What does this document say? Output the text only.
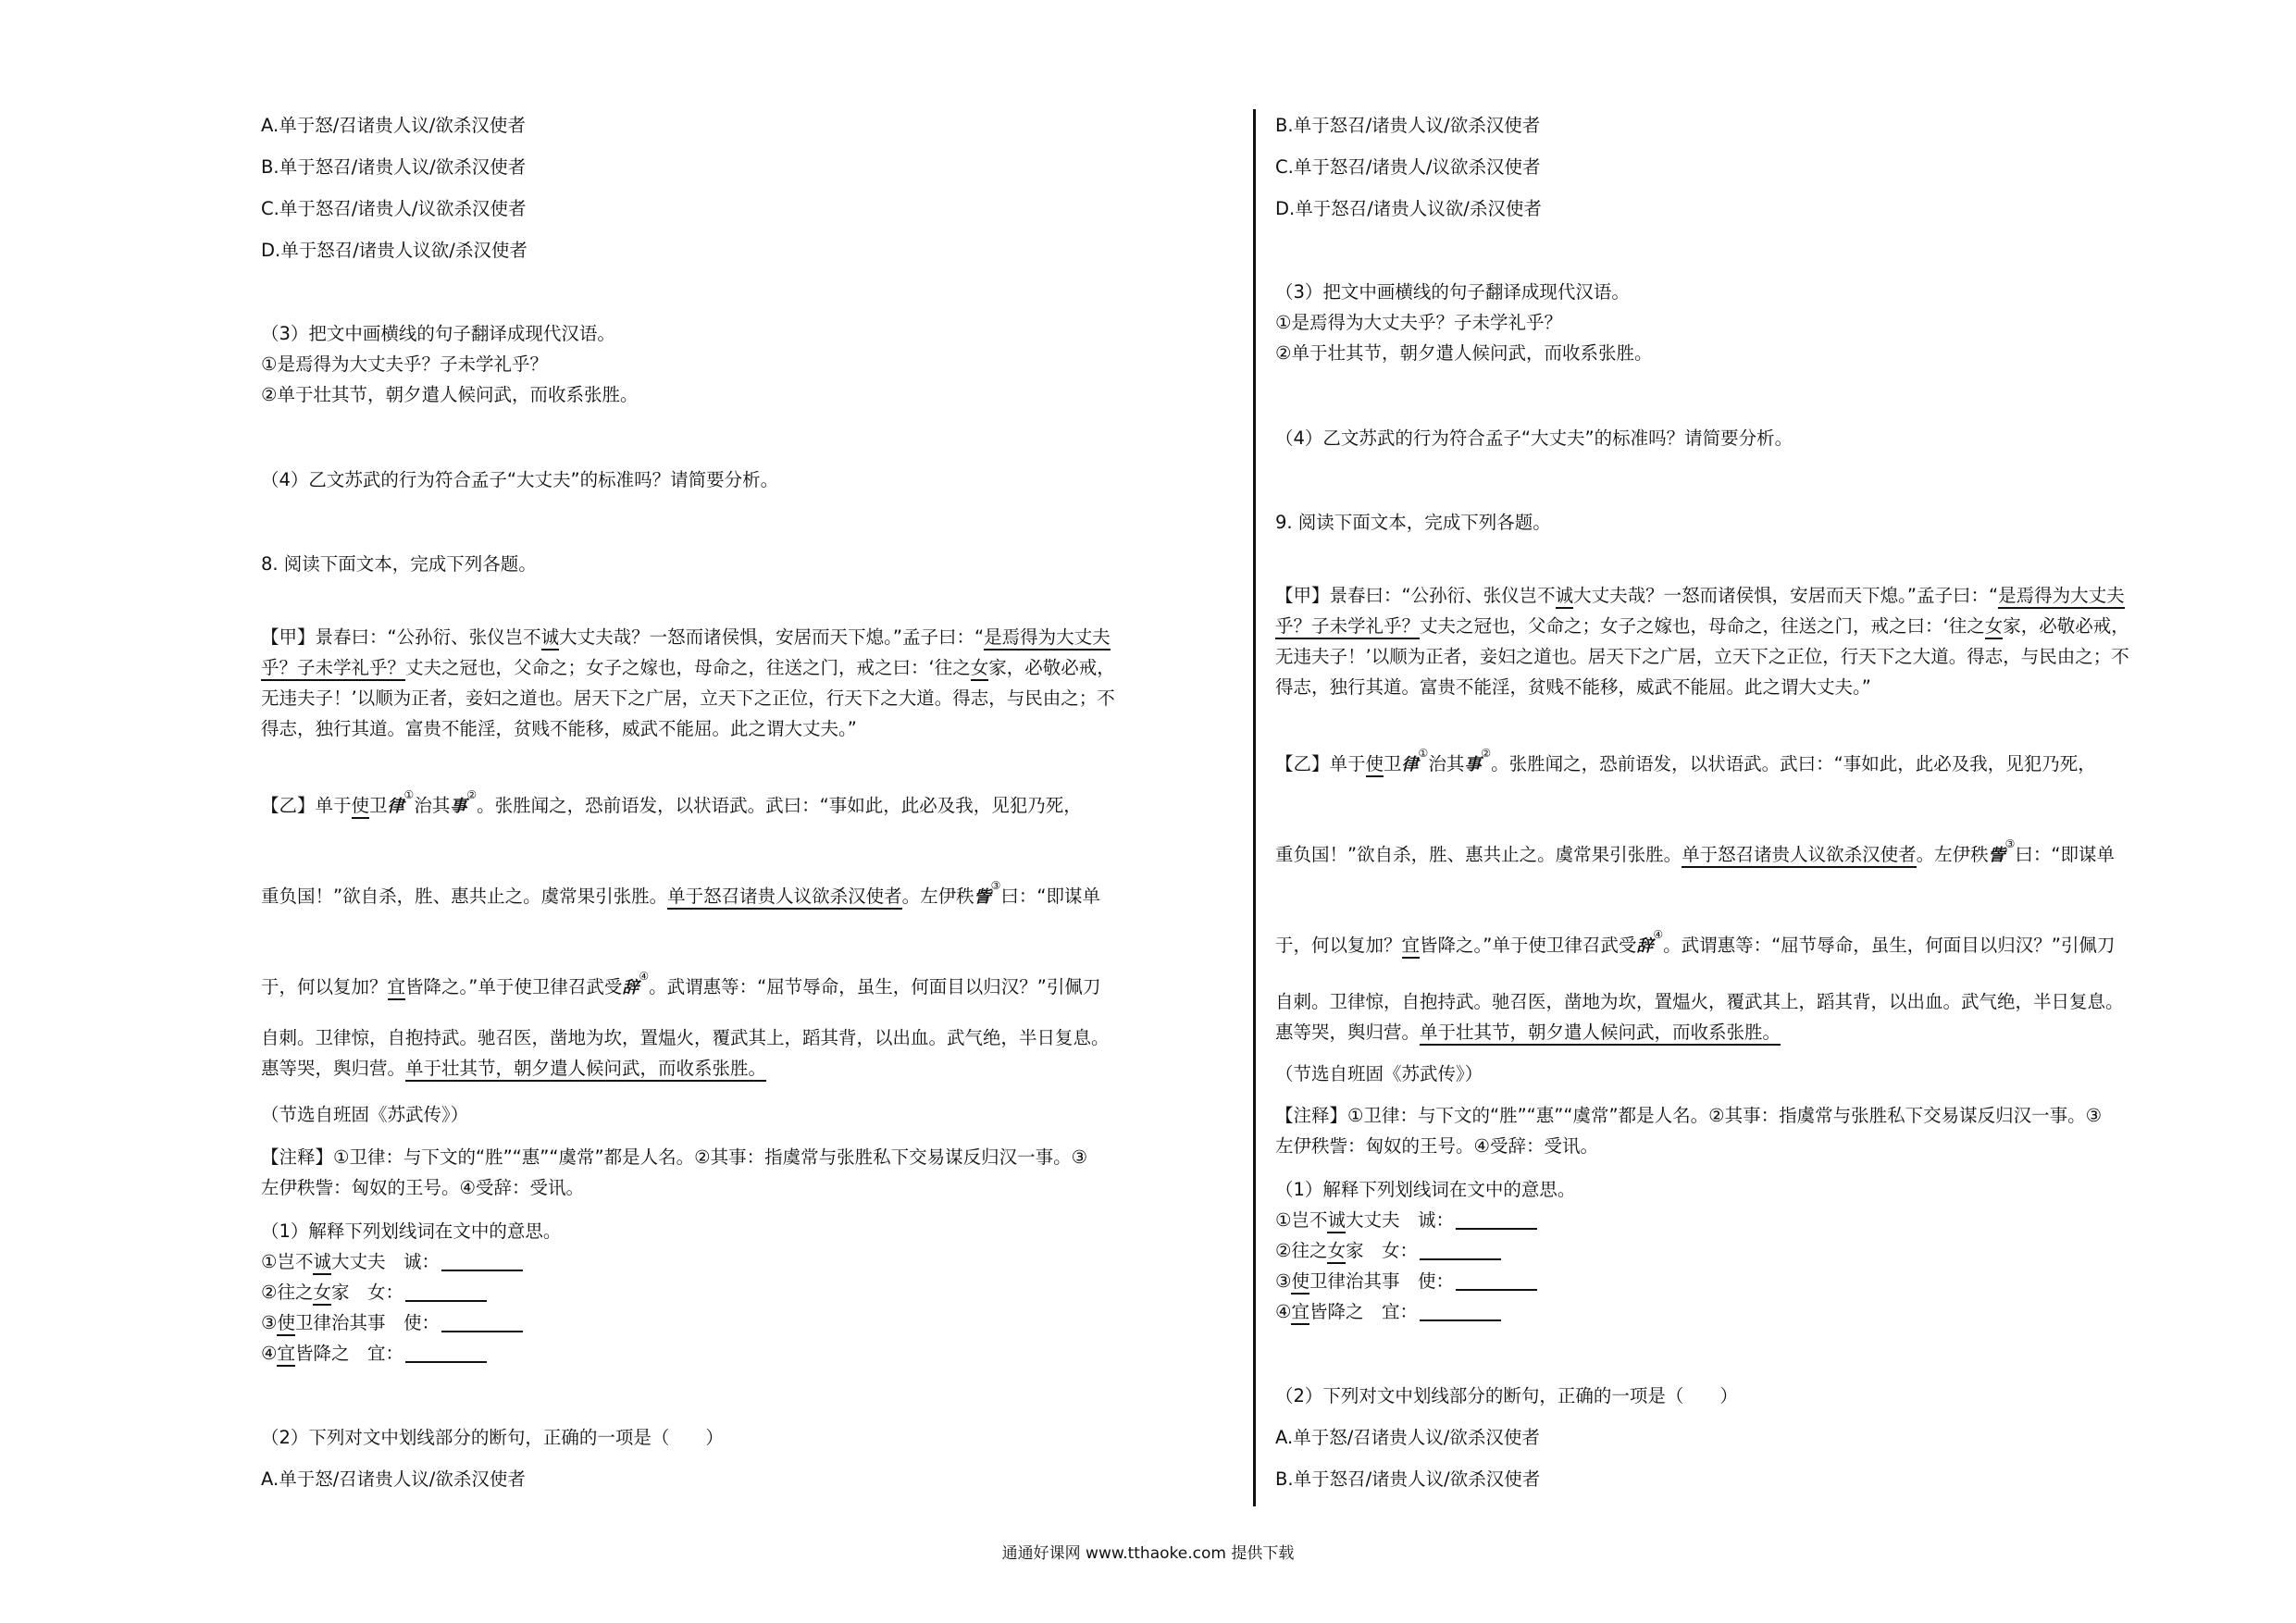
A.单于怒/召诸贵人议/欲杀汉使者
B.单于怒召/诸贵人议/欲杀汉使者
C.单于怒召/诸贵人/议欲杀汉使者
D.单于怒召/诸贵人议欲/杀汉使者
（3）把文中画横线的句子翻译成现代汉语。
①是焉得为大丈夫乎？子未学礼乎？
②单于壮其节，朝夕遣人候问武，而收系张胜。
（4）乙文苏武的行为符合孟子“大丈夫”的标准吗？请简要分析。
8. 阅读下面文本，完成下列各题。
【甲】景春曰：“公孙衍、张仪岂不诚大丈夫哉？一怒而诸侯惧，安居而天下熄。”孟子曰：“是焉得为大丈夫
乎？子未学礼乎？丈夫之冠也，父命之；女子之嫁也，母命之，往送之门，戒之曰：‘往之女家，必敬必戒，
无违夫子！’以顺为正者，妾妇之道也。居天下之广居，立天下之正位，行天下之大道。得志，与民由之；不
得志，独行其道。富贵不能淫，贫贱不能移，威武不能屈。此之谓大丈夫。”
【乙】单于使卫律①治其事②。张胜闻之，恐前语发，以状语武。武曰：“事如此，此必及我，见犯乃死，
重负国！”欲自杀，胜、惠共止之。虞常果引张胜。单于怒召诸贵人议欲杀汉使者。左伊秩訾③曰：“即谋单
于，何以复加？宜皆降之。”单于使卫律召武受辞④。武谓惠等：“屈节辱命，虽生，何面目以归汉？”引佩刀
自刺。卫律惊，自抱持武。驰召医，凿地为坎，置煴火，覆武其上，蹈其背，以出血。武气绝，半日复息。
惠等哭，舆归营。单于壮其节，朝夕遣人候问武，而收系张胜。
（节选自班固《苏武传》）
【注释】①卫律：与下文的“胜”“惠”“虞常”都是人名。②其事：指虞常与张胜私下交易谋反归汉一事。③
左伊秩訾：匈奴的王号。④受辞：受讯。
（1）解释下列划线词在文中的意思。
①岂不诚大丈夫　诚：
②往之女家　女：
③使卫律治其事　使：
④宜皆降之　宜：
（2）下列对文中划线部分的断句，正确的一项是（　　）
A.单于怒/召诸贵人议/欲杀汉使者
B.单于怒召/诸贵人议/欲杀汉使者
C.单于怒召/诸贵人/议欲杀汉使者
D.单于怒召/诸贵人议欲/杀汉使者
（3）把文中画横线的句子翻译成现代汉语。
①是焉得为大丈夫乎？子未学礼乎？
②单于壮其节，朝夕遣人候问武，而收系张胜。
（4）乙文苏武的行为符合孟子“大丈夫”的标准吗？请简要分析。
9. 阅读下面文本，完成下列各题。
【甲】景春曰：“公孙衍、张仪岂不诚大丈夫哉？一怒而诸侯惧，安居而天下熄。”孟子曰：“是焉得为大丈夫
乎？子未学礼乎？丈夫之冠也，父命之；女子之嫁也，母命之，往送之门，戒之曰：‘往之女家，必敬必戒，
无违夫子！’以顺为正者，妾妇之道也。居天下之广居，立天下之正位，行天下之大道。得志，与民由之；不
得志，独行其道。富贵不能淫，贫贱不能移，威武不能屈。此之谓大丈夫。”
【乙】单于使卫律①治其事②。张胜闻之，恐前语发，以状语武。武曰：“事如此，此必及我，见犯乃死，
重负国！”欲自杀，胜、惠共止之。虞常果引张胜。单于怒召诸贵人议欲杀汉使者。左伊秩訾③曰：“即谋单
于，何以复加？宜皆降之。”单于使卫律召武受辞④。武谓惠等：“屈节辱命，虽生，何面目以归汉？”引佩刀
自刺。卫律惊，自抱持武。驰召医，凿地为坎，置煴火，覆武其上，蹈其背，以出血。武气绝，半日复息。
惠等哭，舆归营。单于壮其节，朝夕遣人候问武，而收系张胜。
（节选自班固《苏武传》）
【注释】①卫律：与下文的“胜”“惠”“虞常”都是人名。②其事：指虞常与张胜私下交易谋反归汉一事。③
左伊秩訾：匈奴的王号。④受辞：受讯。
（1）解释下列划线词在文中的意思。
①岂不诚大丈夫　诚：
②往之女家　女：
③使卫律治其事　使：
④宜皆降之　宜：
（2）下列对文中划线部分的断句，正确的一项是（　　）
A.单于怒/召诸贵人议/欲杀汉使者
B.单于怒召/诸贵人议/欲杀汉使者
通通好课网 www.tthaoke.com 提供下载
